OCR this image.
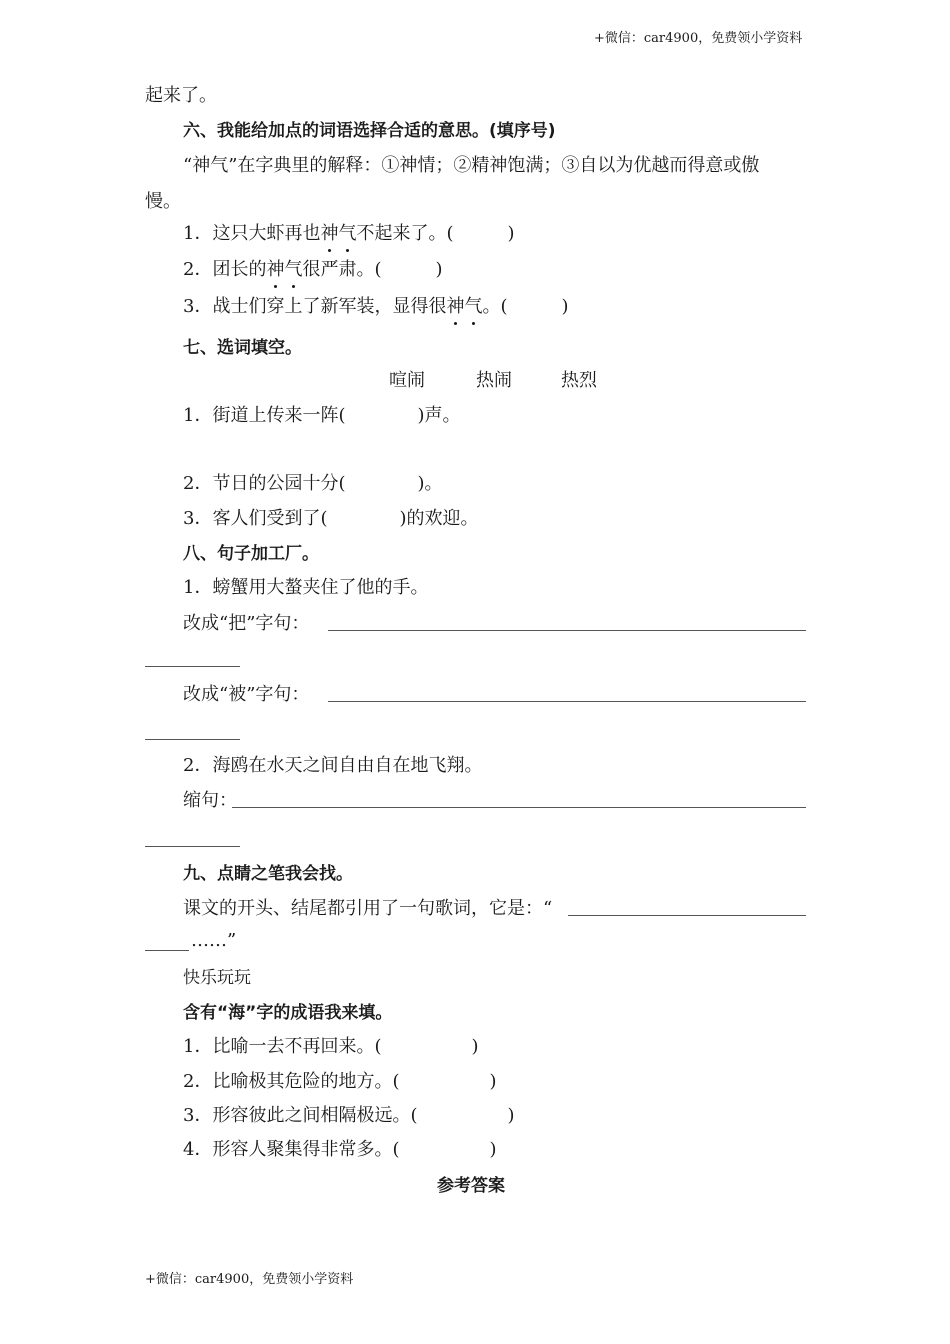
+微信：car4900，免费领小学资料
起来了。
六、我能给加点的词语选择合适的意思。(填序号)
“神气”在字典里的解释：①神情；②精神饱满；③自以为优越而得意或傲
慢。
1．这只大虾再也神气不起来了。(　　　)
2．团长的神气很严肃。(　　　)
3．战士们穿上了新军装，显得很神气。(　　　)
七、选词填空。
喧闹	热闹	热烈
1．街道上传来一阵(　　　　)声。
2．节日的公园十分(　　　　)。
3．客人们受到了(　　　　)的欢迎。
八、句子加工厂。
1．螃蟹用大螯夹住了他的手。
改成“把”字句：
改成“被”字句：
2．海鸥在水天之间自由自在地飞翔。
缩句：
九、点睛之笔我会找。
课文的开头、结尾都引用了一句歌词，它是：“
……”
快乐玩玩
含有“海”字的成语我来填。
1．比喻一去不再回来。(　　　　　)
2．比喻极其危险的地方。(　　　　　)
3．形容彼此之间相隔极远。(　　　　　)
4．形容人聚集得非常多。(　　　　　)
参考答案
+微信：car4900，免费领小学资料
